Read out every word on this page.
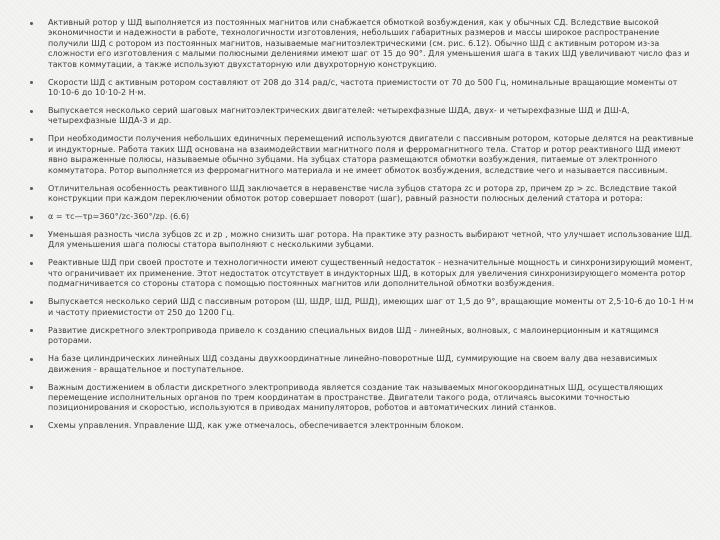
Активный ротор у ШД выполняется из постоянных магнитов или снабжается обмоткой возбуждения, как у обычных СД. Вследствие высокой экономичности и надежности в работе, технологичности изготовления, небольших габаритных размеров и массы широкое распространение получили ШД с ротором из постоянных магнитов, называемые магнитоэлектрическими (см. рис. 6.12). Обычно ШД с активным ротором из-за сложности его изготовления с малыми полюсными делениями имеют шаг от 15 до 90°. Для уменьшения шага в таких ШД увеличивают число фаз и тактов коммутации, а также используют двухстаторную или двухроторную конструкцию.
Скорости ШД с активным ротором составляют от 208 до 314 рад/с, частота приемистости от 70 до 500 Гц, номинальные вращающие моменты от 10·10-6 до 10·10-2 Н·м.
Выпускается несколько серий шаговых магнитоэлектрических двигателей: четырехфазные ШДА, двух- и четырехфазные ШД и ДШ-А, четырехфазные ШДА-3 и др.
При необходимости получения небольших единичных перемещений используются двигатели с пассивным ротором, которые делятся на реактивные и индукторные. Работа таких ШД основана на взаимодействии магнитного поля и ферромагнитного тела. Статор и ротор реактивного ШД имеют явно выраженные полюсы, называемые обычно зубцами. На зубцах статора размещаются обмотки возбуждения, питаемые от электронного коммутатора. Ротор выполняется из ферромагнитного материала и не имеет обмоток возбуждения, вследствие чего и называется пассивным.
Отличительная особенность реактивного ШД заключается в неравенстве числа зубцов статора zc и ротора zp, причем zp > zc. Вследствие такой конструкции при каждом переключении обмоток ротор совершает поворот (шаг), равный разности полюсных делений статора и ротора:
α = τc—τp=360°/zc-360°/zp. (6.6)
Уменьшая разность числа зубцов zc и zp , можно снизить шаг ротора. На практике эту разность выбирают четной, что улучшает использование ШД. Для уменьшения шага полюсы статора выполняют с несколькими зубцами.
Реактивные ШД при своей простоте и технологичности имеют существенный недостаток - незначительные мощность и синхронизирующий момент, что ограничивает их применение. Этот недостаток отсутствует в индукторных ШД, в которых для увеличения синхронизирующего момента ротор подмагничивается со стороны статора с помощью постоянных магнитов или дополнительной обмотки возбуждения.
Выпускается несколько серий ШД с пассивным ротором (Ш, ШДР, ШД, РШД), имеющих шаг от 1,5 до 9°, вращающие моменты от 2,5·10-6 до 10-1 Н·м и частоту приемистости от 250 до 1200 Гц.
Развитие дискретного электропривода привело к созданию специальных видов ШД - линейных, волновых, с малоинерционным и катящимся роторами.
На базе цилиндрических линейных ШД созданы двухкоординатные линейно-поворотные ШД, суммирующие на своем валу два независимых движения - вращательное и поступательное.
Важным достижением в области дискретного электропривода является создание так называемых многокоординатных ШД, осуществляющих перемещение исполнительных органов по трем координатам в пространстве. Двигатели такого рода, отличаясь высокими точностью позиционирования и скоростью, используются в приводах манипуляторов, роботов и автоматических линий станков.
Схемы управления. Управление ШД, как уже отмечалось, обеспечивается электронным блоком.
